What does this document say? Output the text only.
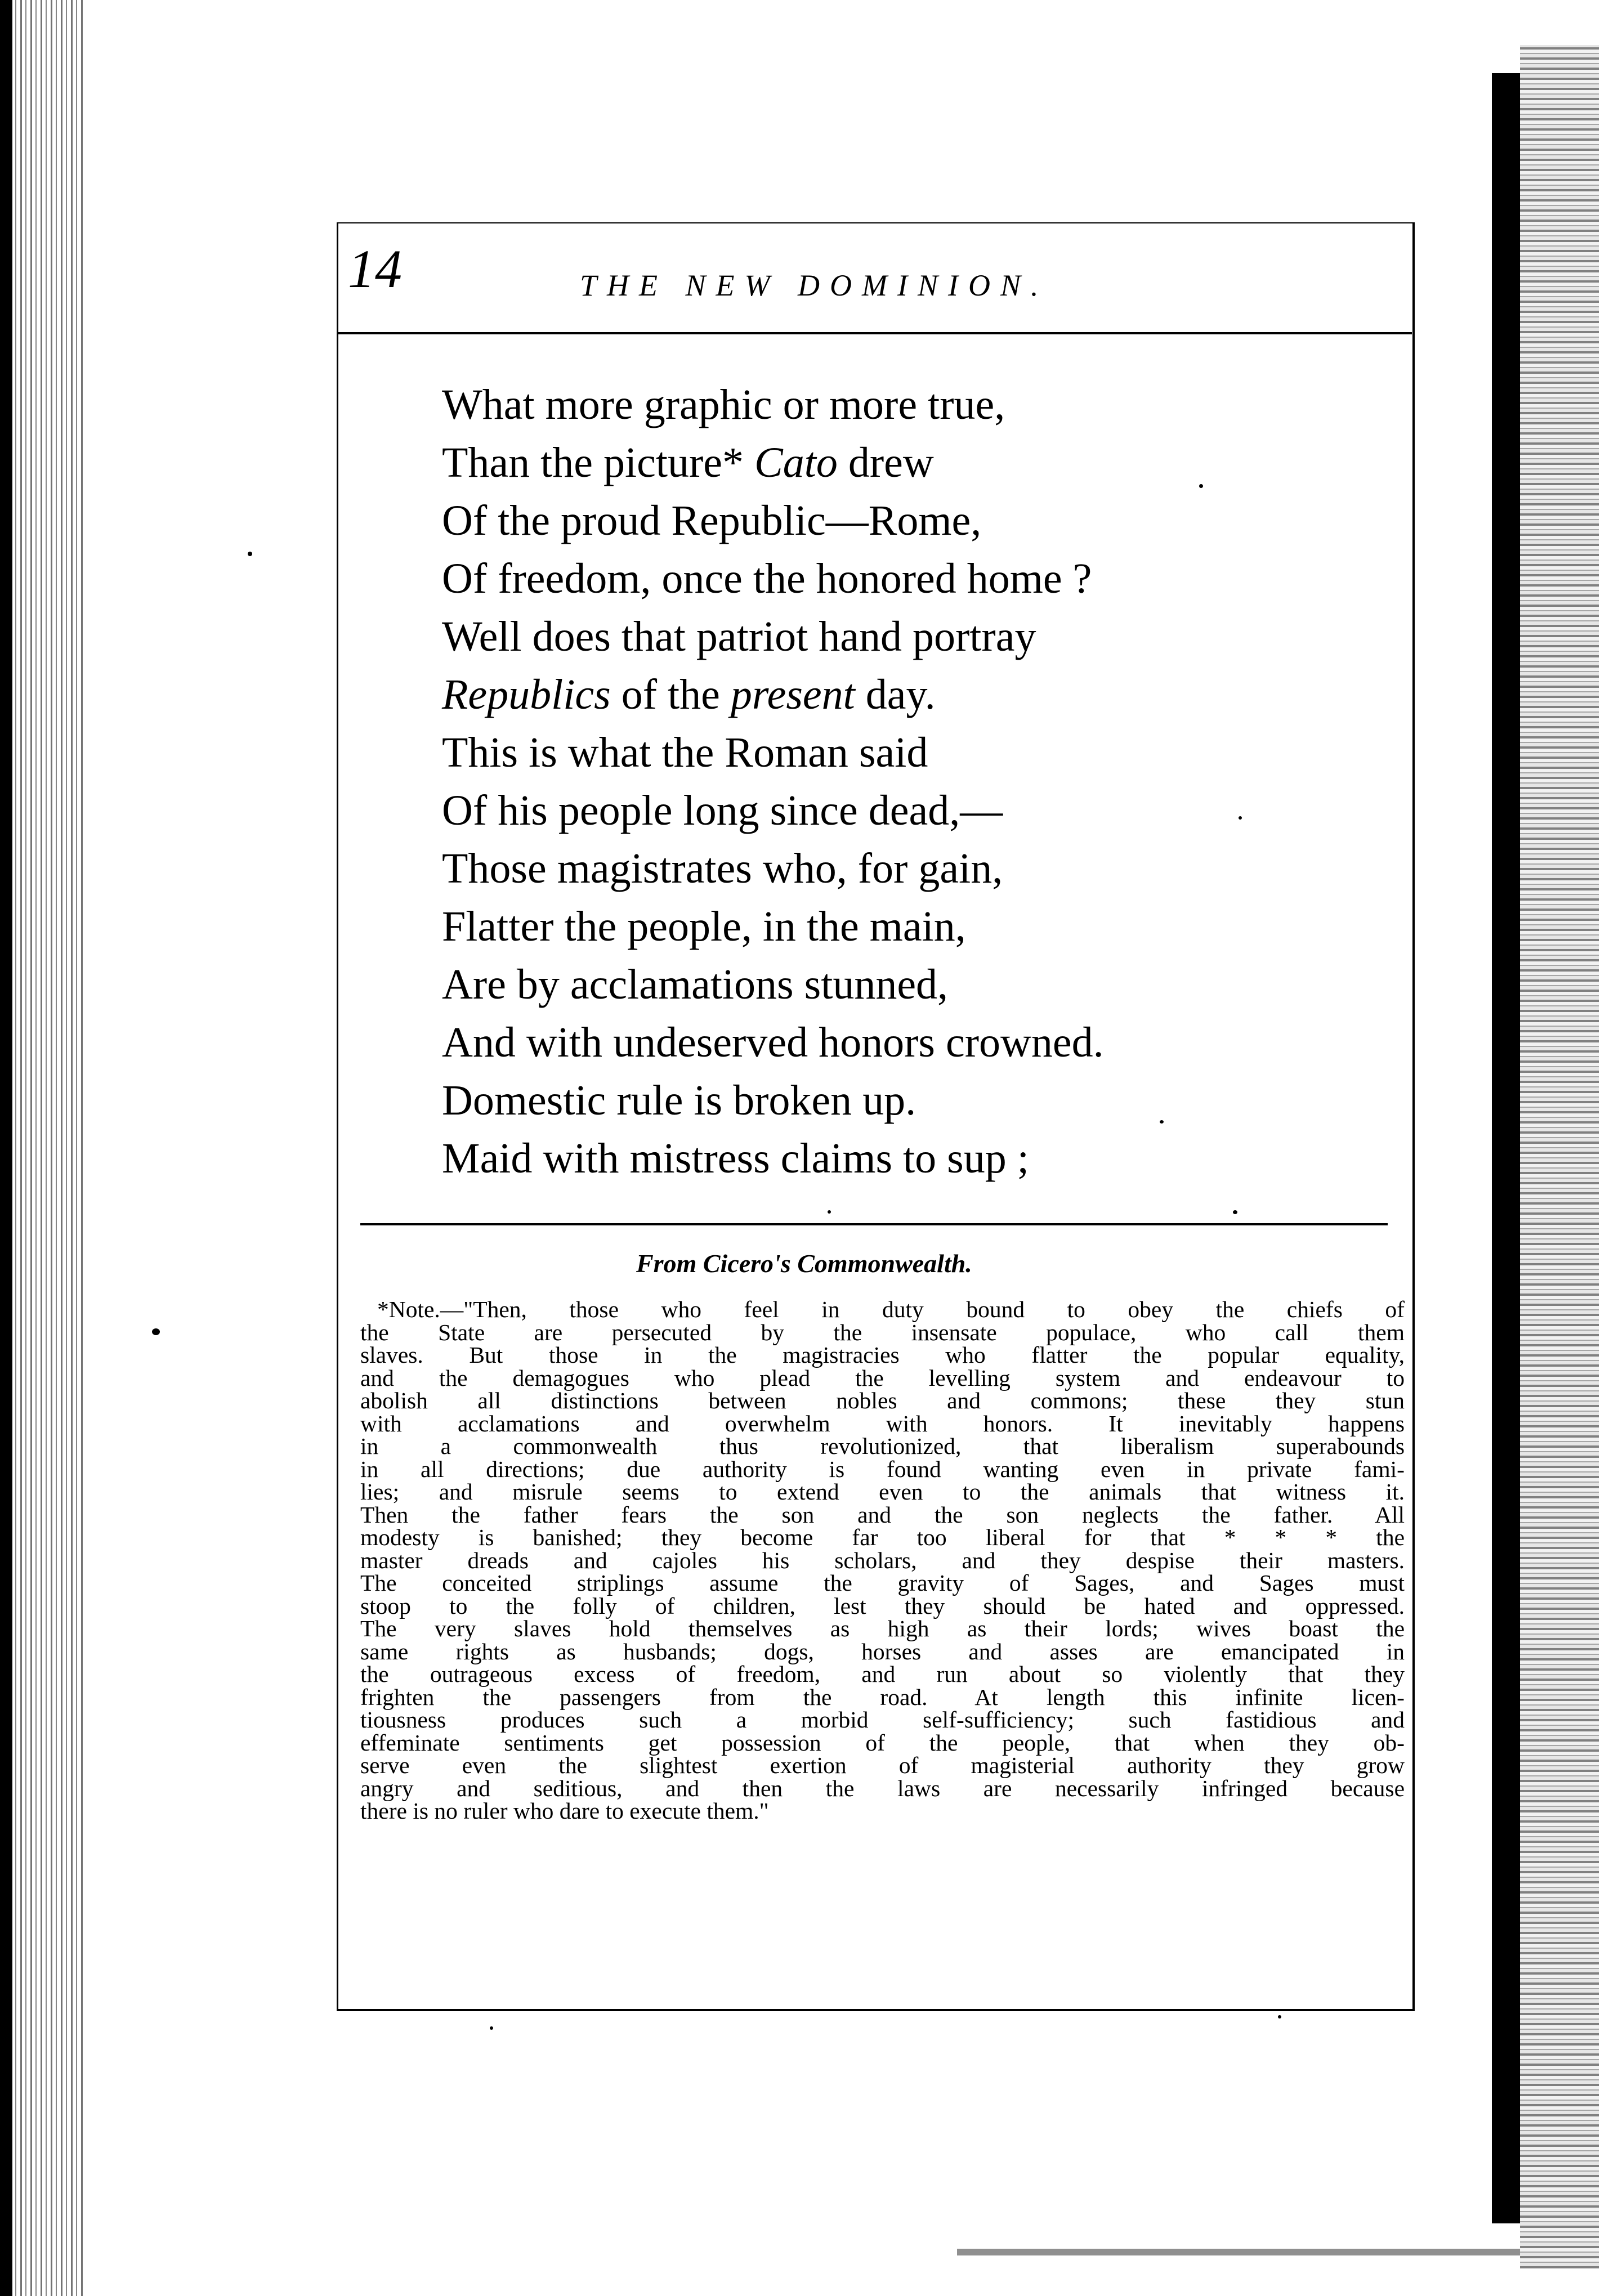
14	THE NEW DOMINION.
What more graphic or more true,
Than the picture* Cato drew
Of the proud Republic—Rome,
Of freedom, once the honored home ?
Well does that patriot hand portray
Republics of the present day.
This is what the Roman said
Of his people long since dead,—
Those magistrates who, for gain,
Flatter the people, in the main,
Are by acclamations stunned,
And with undeserved honors crowned.
Domestic rule is broken up.
Maid with mistress claims to sup ;
From Cicero's Commonwealth.
*Note.—"Then, those who feel in duty bound to obey the chiefs of
the State are persecuted by the insensate populace, who call them
slaves. But those in the magistracies who flatter the popular equality,
and the demagogues who plead the levelling system and endeavour to
abolish all distinctions between nobles and commons; these they stun
with acclamations and overwhelm with honors. It inevitably happens
in a commonwealth thus revolutionized, that liberalism superabounds
in all directions; due authority is found wanting even in private fami-
lies; and misrule seems to extend even to the animals that witness it.
Then the father fears the son and the son neglects the father. All
modesty is banished; they become far too liberal for that * * * the
master dreads and cajoles his scholars, and they despise their masters.
The conceited striplings assume the gravity of Sages, and Sages must
stoop to the folly of children, lest they should be hated and oppressed.
The very slaves hold themselves as high as their lords; wives boast the
same rights as husbands; dogs, horses and asses are emancipated in
the outrageous excess of freedom, and run about so violently that they
frighten the passengers from the road. At length this infinite licen-
tiousness produces such a morbid self-sufficiency; such fastidious and
effeminate sentiments get possession of the people, that when they ob-
serve even the slightest exertion of magisterial authority they grow
angry and seditious, and then the laws are necessarily infringed because
there is no ruler who dare to execute them."
